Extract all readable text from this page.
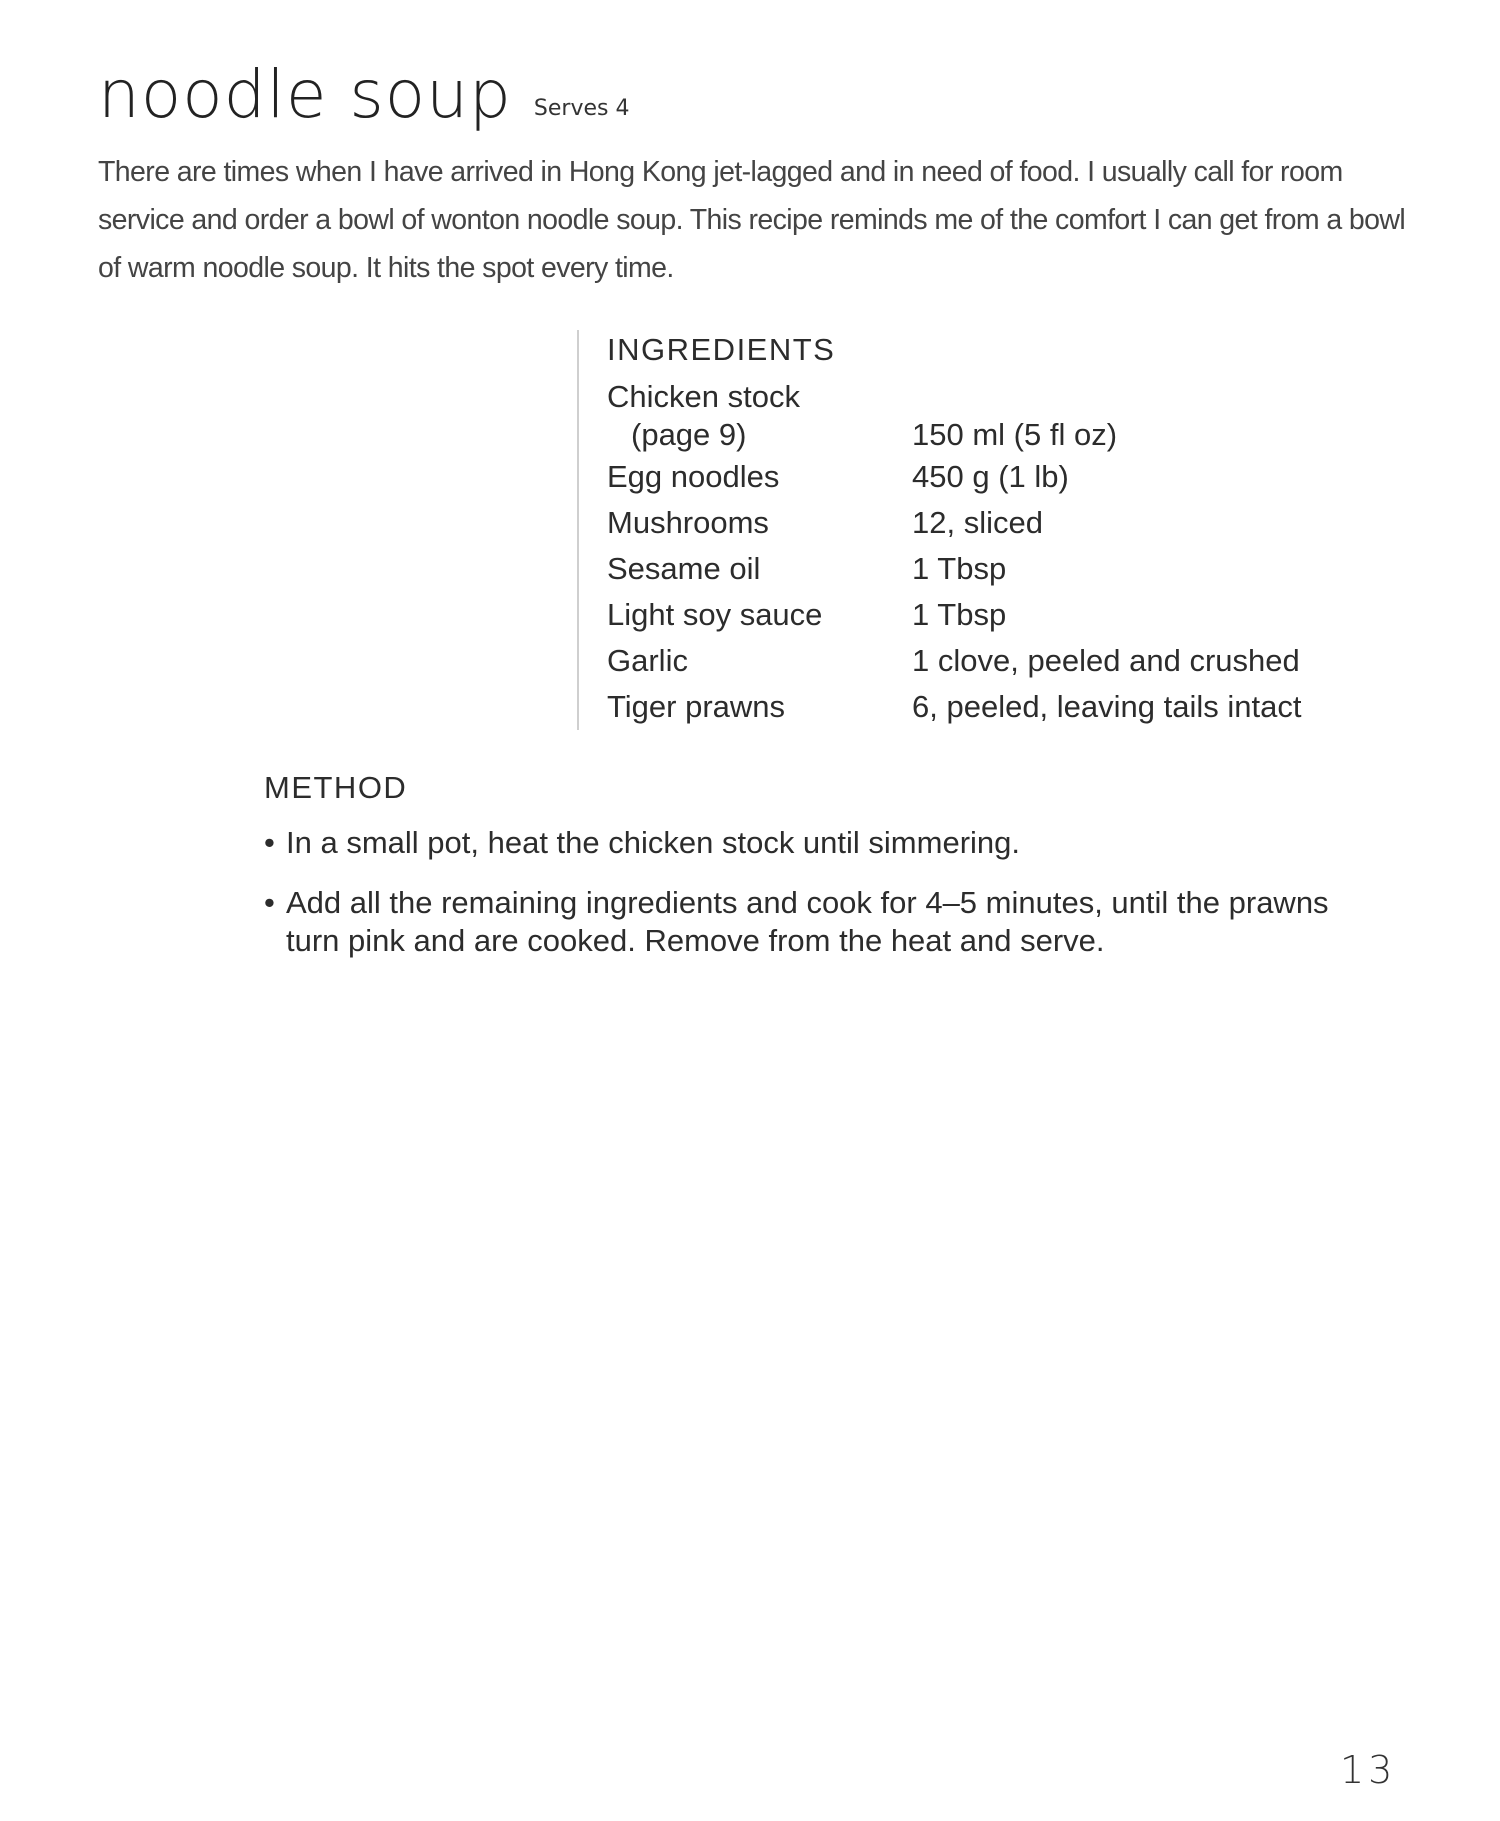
noodle soup Serves 4
There are times when I have arrived in Hong Kong jet-lagged and in need of food. I usually call for room service and order a bowl of wonton noodle soup. This recipe reminds me of the comfort I can get from a bowl of warm noodle soup. It hits the spot every time.
INGREDIENTS
Chicken stock
(page 9)	150 ml (5 fl oz)
Egg noodles	450 g (1 lb)
Mushrooms	12, sliced
Sesame oil	1 Tbsp
Light soy sauce	1 Tbsp
Garlic	1 clove, peeled and crushed
Tiger prawns	6, peeled, leaving tails intact
METHOD
• In a small pot, heat the chicken stock until simmering.
• Add all the remaining ingredients and cook for 4–5 minutes, until the prawns turn pink and are cooked. Remove from the heat and serve.
13
